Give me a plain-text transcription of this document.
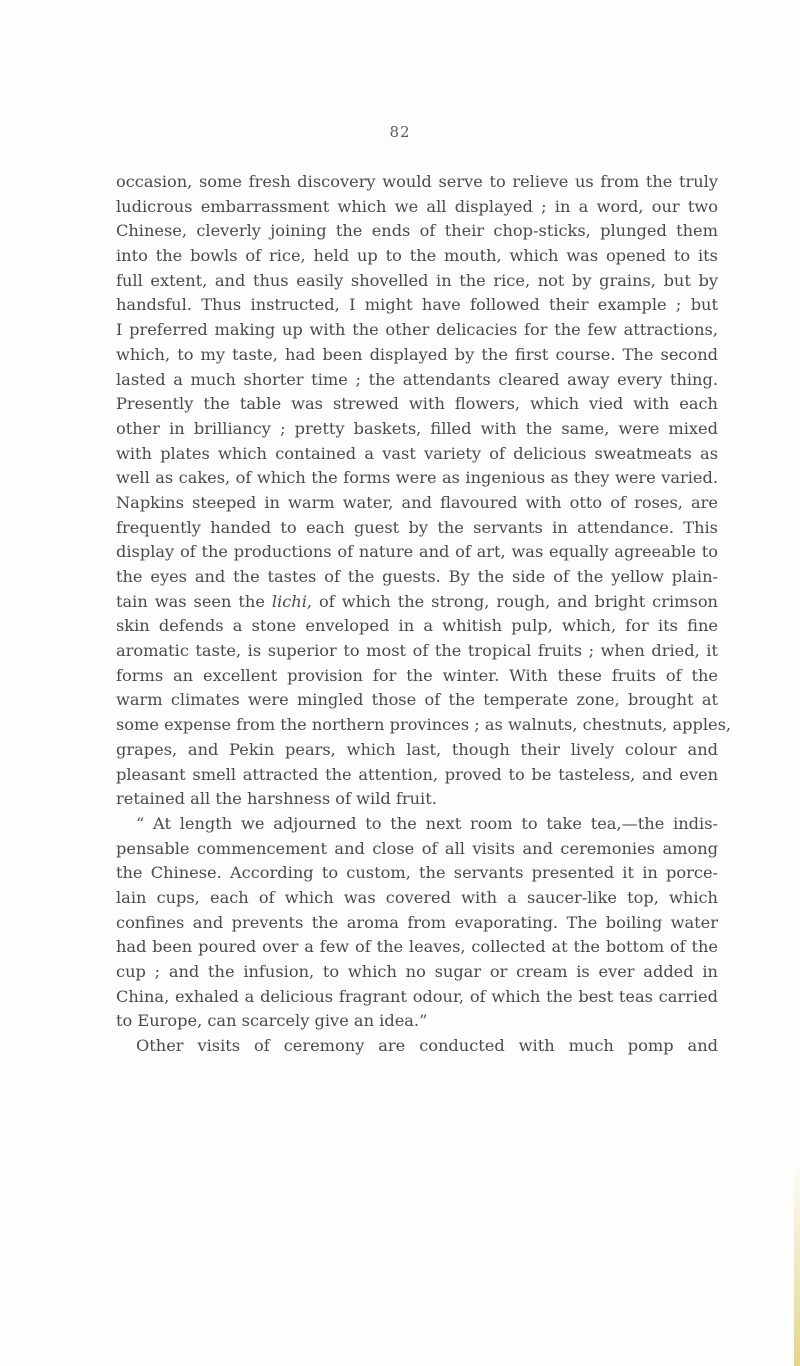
82
occasion, some fresh discovery would serve to relieve us from the truly
ludicrous embarrassment which we all displayed ; in a word, our two
Chinese, cleverly joining the ends of their chop-sticks, plunged them
into the bowls of rice, held up to the mouth, which was opened to its
full extent, and thus easily shovelled in the rice, not by grains, but by
handsful. Thus instructed, I might have followed their example ; but
I preferred making up with the other delicacies for the few attractions,
which, to my taste, had been displayed by the first course. The second
lasted a much shorter time ; the attendants cleared away every thing.
Presently the table was strewed with flowers, which vied with each
other in brilliancy ; pretty baskets, filled with the same, were mixed
with plates which contained a vast variety of delicious sweatmeats as
well as cakes, of which the forms were as ingenious as they were varied.
Napkins steeped in warm water, and flavoured with otto of roses, are
frequently handed to each guest by the servants in attendance. This
display of the productions of nature and of art, was equally agreeable to
the eyes and the tastes of the guests. By the side of the yellow plain-
tain was seen the lichi, of which the strong, rough, and bright crimson
skin defends a stone enveloped in a whitish pulp, which, for its fine
aromatic taste, is superior to most of the tropical fruits ; when dried, it
forms an excellent provision for the winter. With these fruits of the
warm climates were mingled those of the temperate zone, brought at
some expense from the northern provinces ; as walnuts, chestnuts, apples,
grapes, and Pekin pears, which last, though their lively colour and
pleasant smell attracted the attention, proved to be tasteless, and even
retained all the harshness of wild fruit.
“ At length we adjourned to the next room to take tea,—the indis-
pensable commencement and close of all visits and ceremonies among
the Chinese. According to custom, the servants presented it in porce-
lain cups, each of which was covered with a saucer-like top, which
confines and prevents the aroma from evaporating. The boiling water
had been poured over a few of the leaves, collected at the bottom of the
cup ; and the infusion, to which no sugar or cream is ever added in
China, exhaled a delicious fragrant odour, of which the best teas carried
to Europe, can scarcely give an idea.”
Other visits of ceremony are conducted with much pomp and
